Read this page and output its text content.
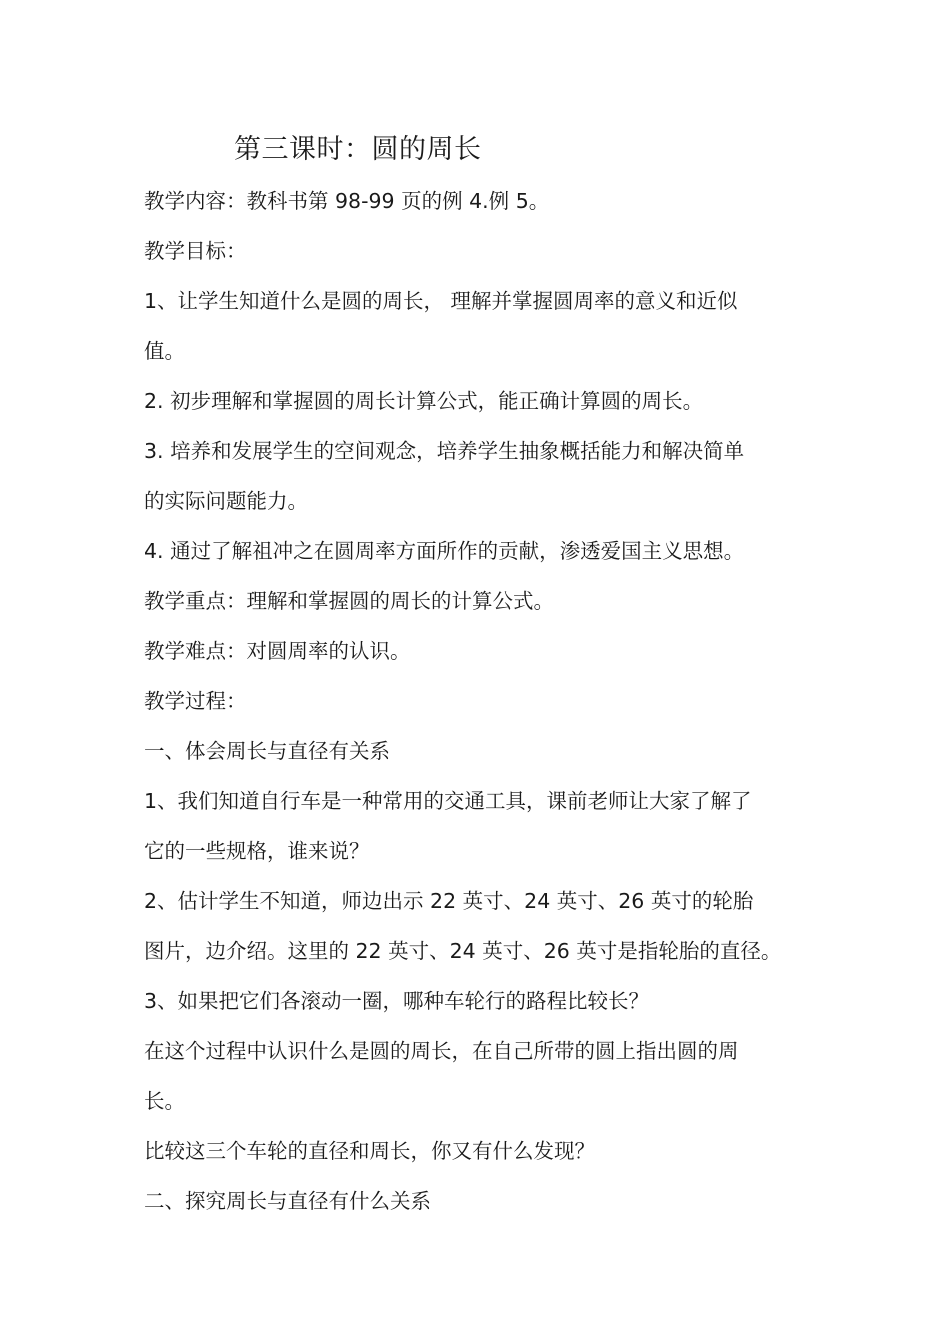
第三课时：圆的周长
教学内容：教科书第 98-99 页的例 4.例 5。
教学目标：
1、让学生知道什么是圆的周长， 理解并掌握圆周率的意义和近似
值。
2. 初步理解和掌握圆的周长计算公式，能正确计算圆的周长。
3. 培养和发展学生的空间观念，培养学生抽象概括能力和解决简单
的实际问题能力。
4. 通过了解祖冲之在圆周率方面所作的贡献，渗透爱国主义思想。
教学重点：理解和掌握圆的周长的计算公式。
教学难点：对圆周率的认识。
教学过程：
一、体会周长与直径有关系
1、我们知道自行车是一种常用的交通工具，课前老师让大家了解了
它的一些规格，谁来说？
2、估计学生不知道，师边出示 22 英寸、24 英寸、26 英寸的轮胎
图片，边介绍。这里的 22 英寸、24 英寸、26 英寸是指轮胎的直径。
3、如果把它们各滚动一圈，哪种车轮行的路程比较长？
在这个过程中认识什么是圆的周长，在自己所带的圆上指出圆的周
长。
比较这三个车轮的直径和周长，你又有什么发现？
二、探究周长与直径有什么关系
